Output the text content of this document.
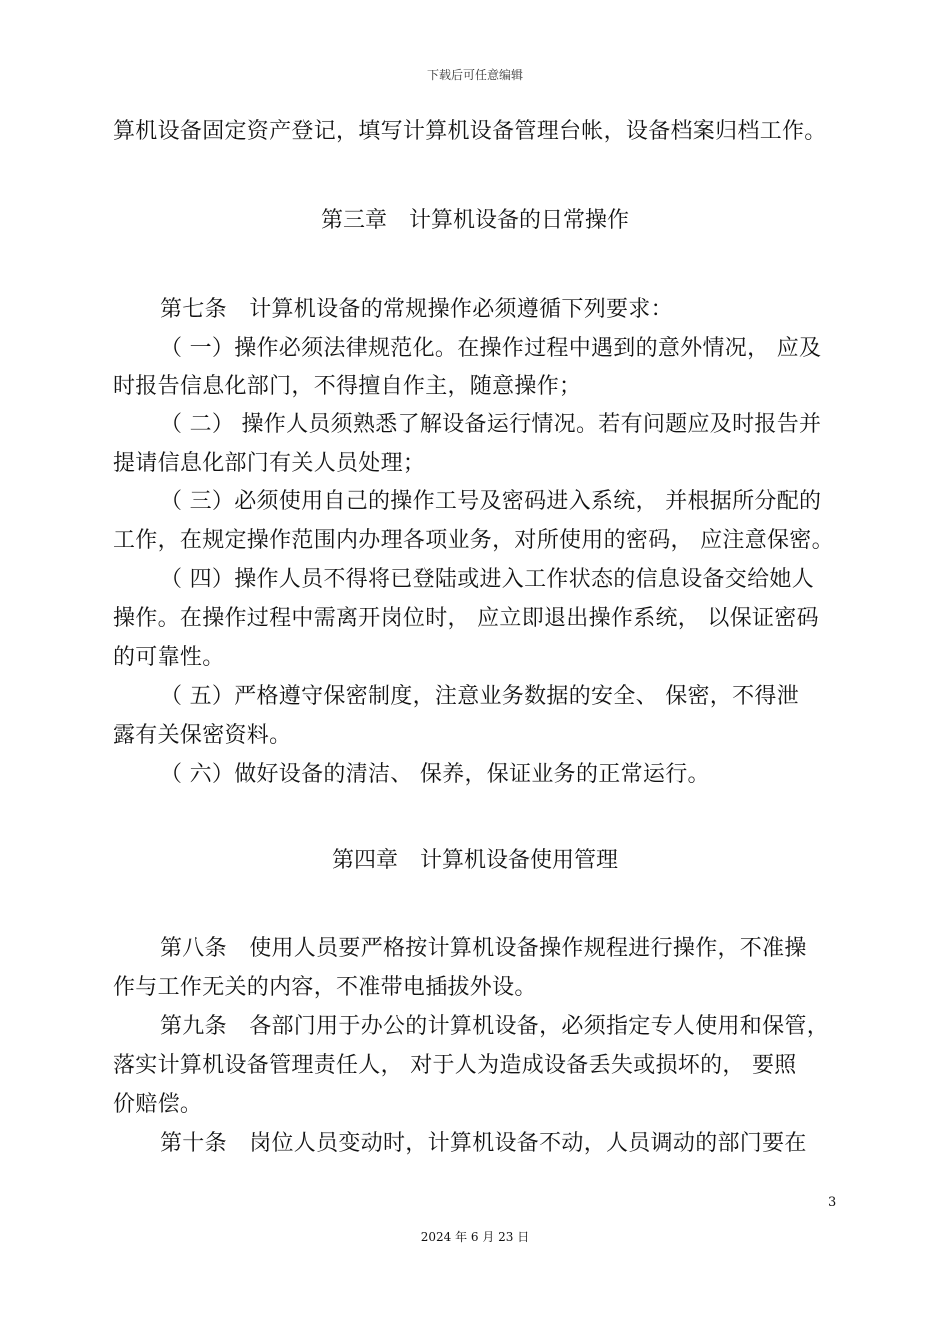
下载后可任意编辑
算机设备固定资产登记，填写计算机设备管理台帐，设备档案归档工作。
第三章　计算机设备的日常操作
第七条　计算机设备的常规操作必须遵循下列要求：
（ 一）操作必须法律规范化。在操作过程中遇到的意外情况， 应及
时报告信息化部门，不得擅自作主，随意操作；
（ 二） 操作人员须熟悉了解设备运行情况。若有问题应及时报告并
提请信息化部门有关人员处理；
（ 三）必须使用自己的操作工号及密码进入系统， 并根据所分配的
工作，在规定操作范围内办理各项业务，对所使用的密码， 应注意保密。
（ 四）操作人员不得将已登陆或进入工作状态的信息设备交给她人
操作。在操作过程中需离开岗位时， 应立即退出操作系统， 以保证密码
的可靠性。
（ 五）严格遵守保密制度，注意业务数据的安全、 保密，不得泄
露有关保密资料。
（ 六）做好设备的清洁、 保养，保证业务的正常运行。
第四章　计算机设备使用管理
第八条　使用人员要严格按计算机设备操作规程进行操作，不准操
作与工作无关的内容，不准带电插拔外设。
第九条　各部门用于办公的计算机设备，必须指定专人使用和保管，
落实计算机设备管理责任人， 对于人为造成设备丢失或损坏的， 要照
价赔偿。
第十条　岗位人员变动时，计算机设备不动，人员调动的部门要在
3
2024 年 6 月 23 日
